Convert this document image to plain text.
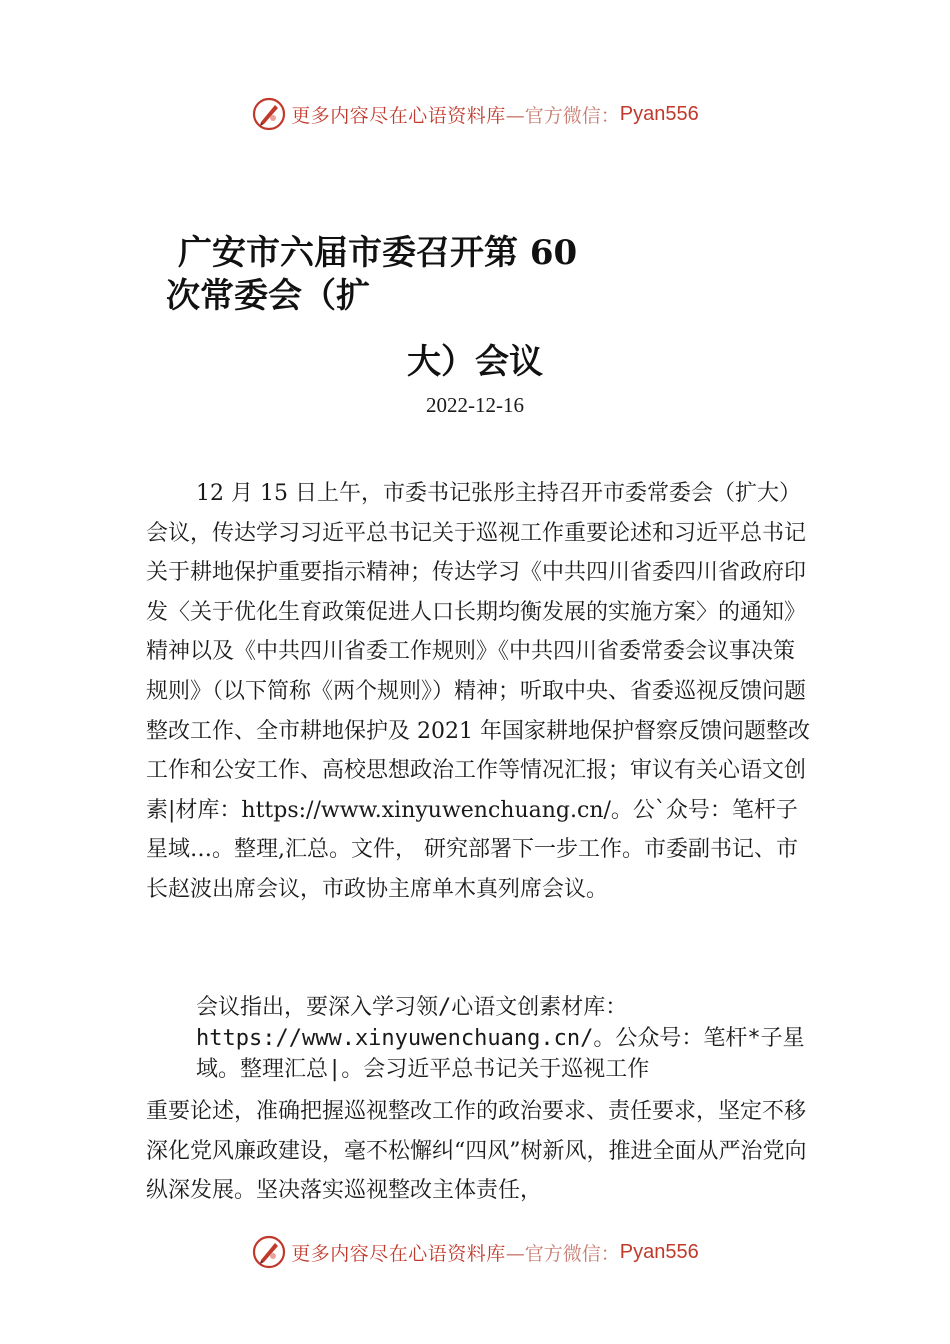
更多内容尽在心语资料库 —官方微信： Pyan556
广安市六届市委召开第 60
次常委会（扩
大）会议
2022-12-16
12 月 15 日上午，市委书记张彤主持召开市委常委会（扩大）会议，传达学习习近平总书记关于巡视工作重要论述和习近平总书记关于耕地保护重要指示精神；传达学习《中共四川省委四川省政府印发〈关于优化生育政策促进人口长期均衡发展的实施方案〉的通知》精神以及《中共四川省委工作规则》《中共四川省委常委会议事决策规则》（以下简称《两个规则》）精神；听取中央、省委巡视反馈问题整改工作、全市耕地保护及 2021 年国家耕地保护督察反馈问题整改工作和公安工作、高校思想政治工作等情况汇报；审议有关心语文创素|材库：https://www.xinyuwenchuang.cn/。公`众号：笔杆子星域…。整理,汇总。文件， 研究部署下一步工作。市委副书记、市长赵波出席会议，市政协主席单木真列席会议。
会议指出，要深入学习领/心语文创素材库：https://www.xinyuwenchuang.cn/。公众号：笔杆*子星域。整理汇总|。会习近平总书记关于巡视工作
重要论述，准确把握巡视整改工作的政治要求、责任要求，坚定不移深化党风廉政建设，毫不松懈纠“四风”树新风，推进全面从严治党向纵深发展。坚决落实巡视整改主体责任，
更多内容尽在心语资料库 —官方微信： Pyan556
